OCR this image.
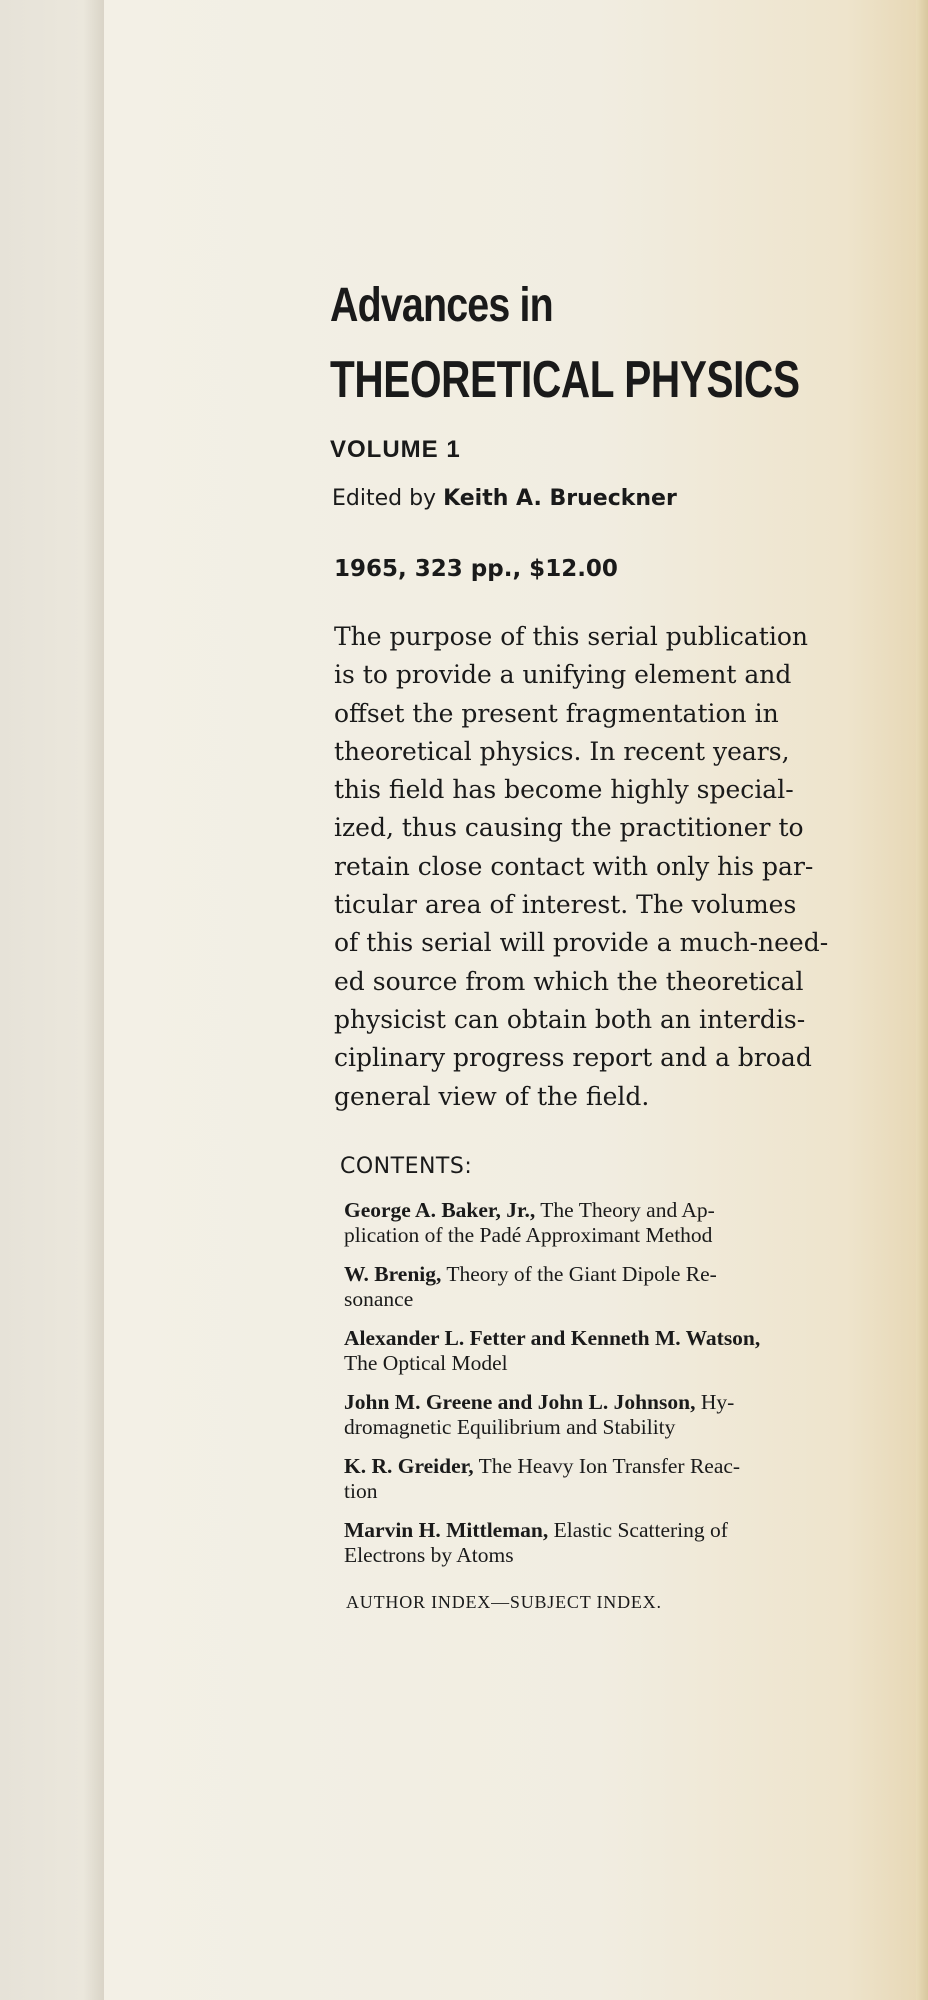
Advances in
THEORETICAL PHYSICS
VOLUME 1
Edited by Keith A. Brueckner
1965, 323 pp., $12.00

The purpose of this serial publication
is to provide a unifying element and
offset the present fragmentation in
theoretical physics. In recent years,
this field has become highly special-
ized, thus causing the practitioner to
retain close contact with only his par-
ticular area of interest. The volumes
of this serial will provide a much-need-
ed source from which the theoretical
physicist can obtain both an interdis-
ciplinary progress report and a broad
general view of the field.

CONTENTS:
George A. Baker, Jr., The Theory and Ap-
plication of the Padé Approximant Method
W. Brenig, Theory of the Giant Dipole Re-
sonance
Alexander L. Fetter and Kenneth M. Watson,
The Optical Model
John M. Greene and John L. Johnson, Hy-
dromagnetic Equilibrium and Stability
K. R. Greider, The Heavy Ion Transfer Reac-
tion
Marvin H. Mittleman, Elastic Scattering of
Electrons by Atoms
AUTHOR INDEX—SUBJECT INDEX.
